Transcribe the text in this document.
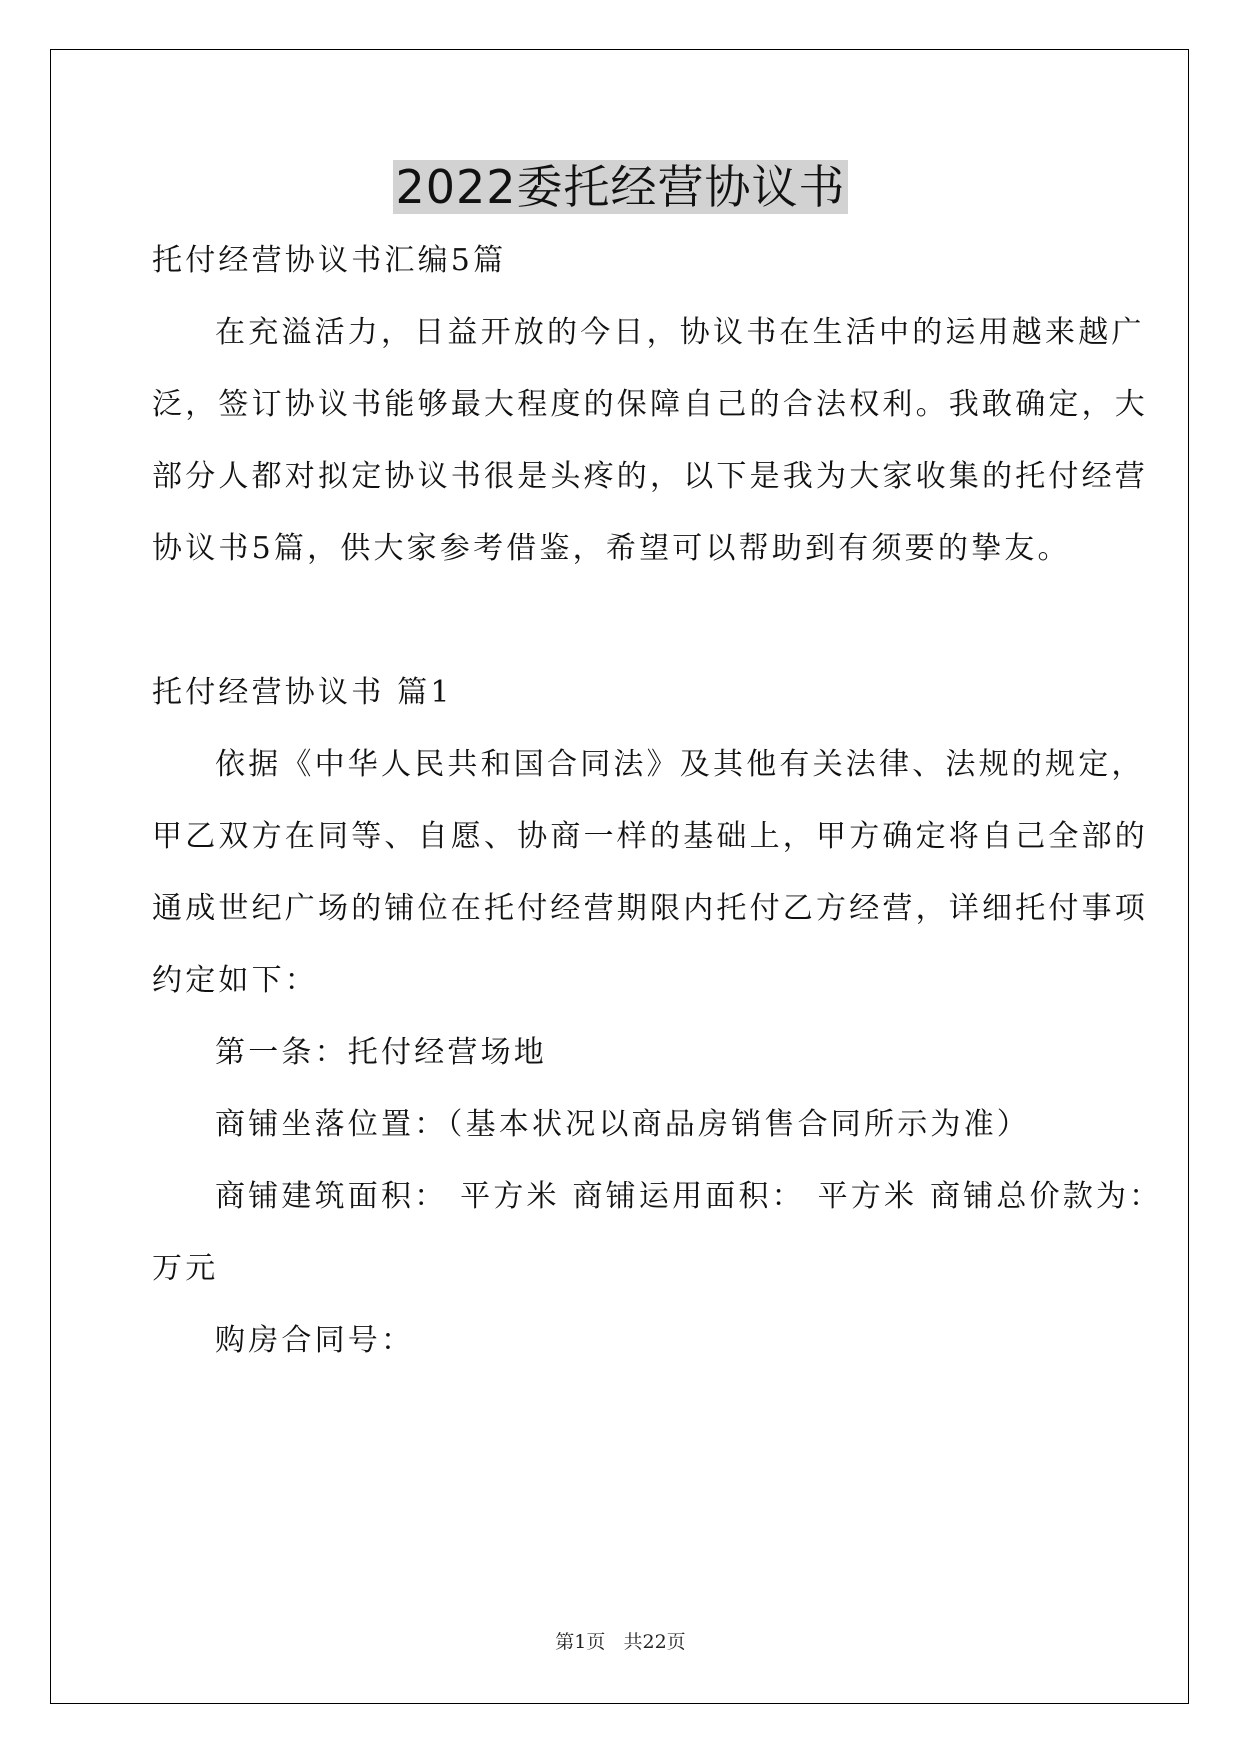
2022委托经营协议书
托付经营协议书汇编5篇
在充溢活力，日益开放的今日，协议书在生活中的运用越来越广
泛，签订协议书能够最大程度的保障自己的合法权利。我敢确定，大
部分人都对拟定协议书很是头疼的，以下是我为大家收集的托付经营
协议书5篇，供大家参考借鉴，希望可以帮助到有须要的挚友。
托付经营协议书 篇1
依据《中华人民共和国合同法》及其他有关法律、法规的规定，
甲乙双方在同等、自愿、协商一样的基础上，甲方确定将自己全部的
通成世纪广场的铺位在托付经营期限内托付乙方经营，详细托付事项
约定如下：
第一条：托付经营场地
商铺坐落位置：（基本状况以商品房销售合同所示为准）
商铺建筑面积： 平方米 商铺运用面积： 平方米 商铺总价款为：
万元
购房合同号：
第1页   共22页
